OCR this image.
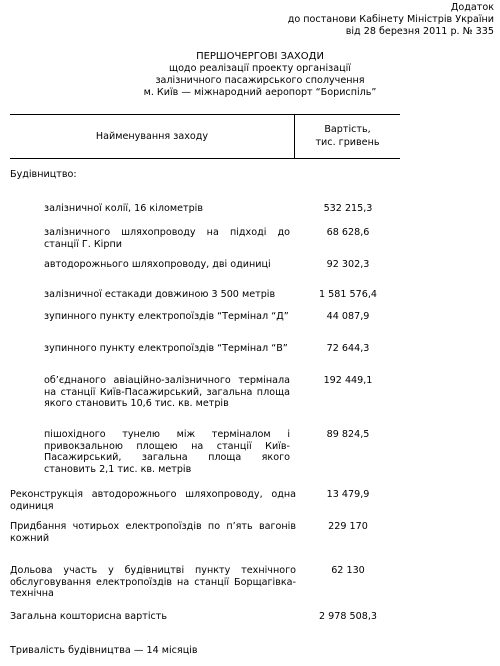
Додаток
до постанови Кабінету Міністрів України
від 28 березня 2011 р. № 335
ПЕРШОЧЕРГОВІ ЗАХОДИ
щодо реалізації проекту організації
залізничного пасажирського сполучення
м. Київ — міжнародний аеропорт “Бориспіль”
Найменування заходу
Вартість,
тис. гривень
Будівництво:
залізничної колії, 16 кілометрів	532 215,3
залізничного шляхопроводу на підході до станції Г. Кірпи
68 628,6
автодорожнього шляхопроводу, дві одиниці	92 302,3
залізничної естакади довжиною 3 500 метрів	1 581 576,4
зупинного пункту електропоїздів “Термінал “Д”	44 087,9
зупинного пункту електропоїздів “Термінал “В”	72 644,3
об’єднаного авіаційно-залізничного термінала на станції Київ-Пасажирський, загальна площа якого становить 10,6 тис. кв. метрів
192 449,1
пішохідного тунелю між терміналом і привокзальною площею на станції Київ-Пасажирський, загальна площа якого становить 2,1 тис. кв. метрів
89 824,5
Реконструкція автодорожнього шляхопроводу, одна одиниця
13 479,9
Придбання чотирьох електропоїздів по п’ять вагонів кожний
229 170
Дольова участь у будівництві пункту технічного обслуговування електропоїздів на станції Борщагівка-технічна
62 130
Загальна кошторисна вартість	2 978 508,3
Тривалість будівництва — 14 місяців
